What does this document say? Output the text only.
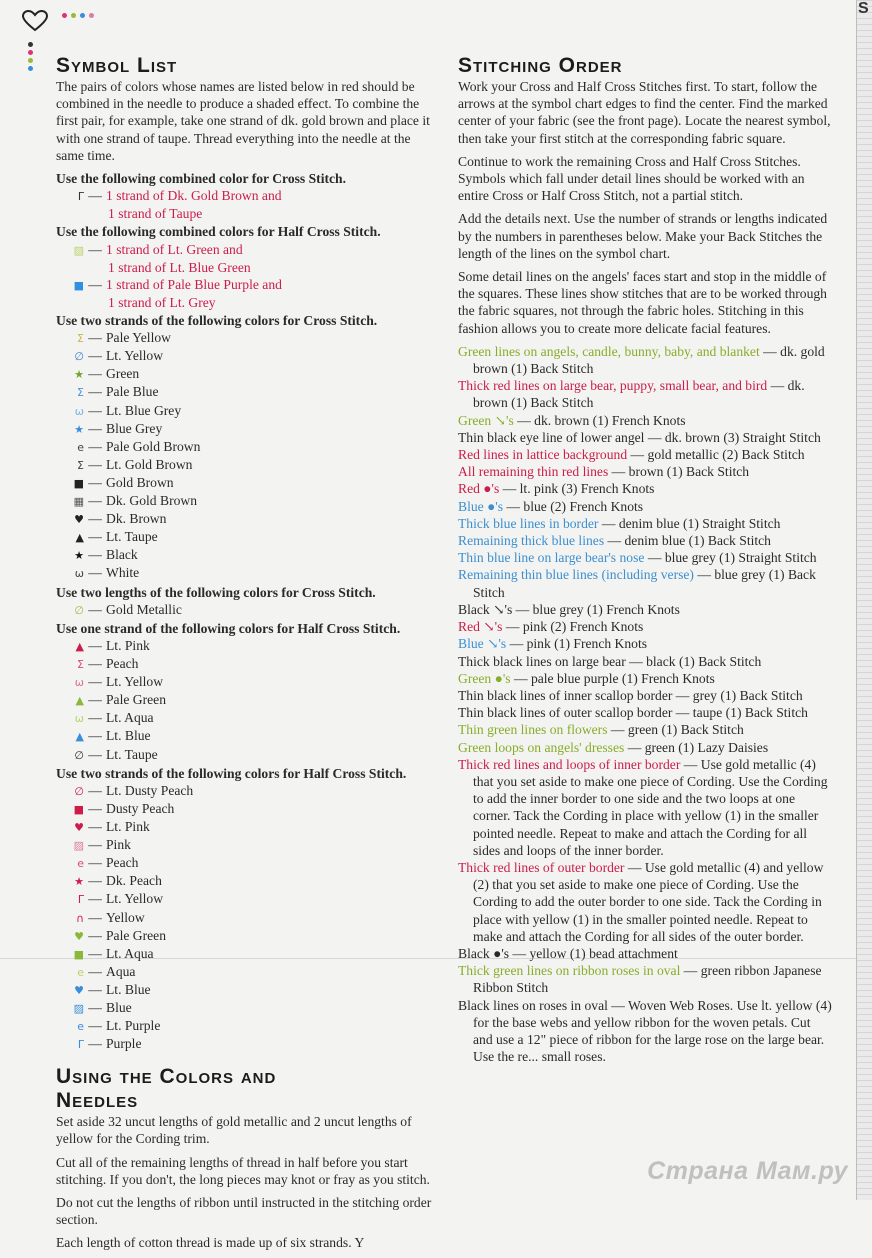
S
Symbol List

The pairs of colors whose names are listed below in red should be combined in the needle to produce a shaded effect. To combine the first pair, for example, take one strand of dk. gold brown and place it with one strand of taupe. Thread everything into the needle at the same time.

Use the following combined color for Cross Stitch.
Γ — 1 strand of Dk. Gold Brown and
1 strand of Taupe
Use the following combined colors for Half Cross Stitch.
▨ — 1 strand of Lt. Green and
1 strand of Lt. Blue Green
■ — 1 strand of Pale Blue Purple and
1 strand of Lt. Grey
Use two strands of the following colors for Cross Stitch.
Σ — Pale Yellow
∅ — Lt. Yellow
★ — Green
Σ — Pale Blue
ω — Lt. Blue Grey
★ — Blue Grey
e — Pale Gold Brown
Σ — Lt. Gold Brown
■ — Gold Brown
▦ — Dk. Gold Brown
♥ — Dk. Brown
▲ — Lt. Taupe
★ — Black
ω — White
Use two lengths of the following colors for Cross Stitch.
∅ — Gold Metallic
Use one strand of the following colors for Half Cross Stitch.
▲ — Lt. Pink
Σ — Peach
ω — Lt. Yellow
▲ — Pale Green
ω — Lt. Aqua
▲ — Lt. Blue
∅ — Lt. Taupe
Use two strands of the following colors for Half Cross Stitch.
∅ — Lt. Dusty Peach
■ — Dusty Peach
♥ — Lt. Pink
▨ — Pink
e — Peach
★ — Dk. Peach
Γ — Lt. Yellow
∩ — Yellow
♥ — Pale Green
■ — Lt. Aqua
e — Aqua
♥ — Lt. Blue
▨ — Blue
e — Lt. Purple
Γ — Purple
Using the Colors and
Needles

Set aside 32 uncut lengths of gold metallic and 2 uncut lengths of yellow for the Cording trim.

Cut all of the remaining lengths of thread in half before you start stitching. If you don't, the long pieces may knot or fray as you stitch.

Do not cut the lengths of ribbon until instructed in the stitching order section.

Each length of cotton thread is made up of six strands. Y

Stitching Order

Work your Cross and Half Cross Stitches first. To start, follow the arrows at the symbol chart edges to find the center. Find the marked center of your fabric (see the front page). Locate the nearest symbol, then take your first stitch at the corresponding fabric square.

Continue to work the remaining Cross and Half Cross Stitches. Symbols which fall under detail lines should be worked with an entire Cross or Half Cross Stitch, not a partial stitch.

Add the details next. Use the number of strands or lengths indicated by the numbers in parentheses below. Make your Back Stitches the length of the lines on the symbol chart.

Some detail lines on the angels' faces start and stop in the middle of the squares. These lines show stitches that are to be worked through the fabric squares, not through the fabric holes. Stitching in this fashion allows you to create more delicate facial features.

Green lines on angels, candle, bunny, baby, and blanket — dk. gold brown (1) Back Stitch
Thick red lines on large bear, puppy, small bear, and bird — dk. brown (1) Back Stitch
Green ↘'s — dk. brown (1) French Knots
Thin black eye line of lower angel — dk. brown (3) Straight Stitch
Red lines in lattice background — gold metallic (2) Back Stitch
All remaining thin red lines — brown (1) Back Stitch
Red ●'s — lt. pink (3) French Knots
Blue ●'s — blue (2) French Knots
Thick blue lines in border — denim blue (1) Straight Stitch
Remaining thick blue lines — denim blue (1) Back Stitch
Thin blue line on large bear's nose — blue grey (1) Straight Stitch
Remaining thin blue lines (including verse) — blue grey (1) Back Stitch
Black ↘'s — blue grey (1) French Knots
Red ↘'s — pink (2) French Knots
Blue ↘'s — pink (1) French Knots
Thick black lines on large bear — black (1) Back Stitch
Green ●'s — pale blue purple (1) French Knots
Thin black lines of inner scallop border — grey (1) Back Stitch
Thin black lines of outer scallop border — taupe (1) Back Stitch
Thin green lines on flowers — green (1) Back Stitch
Green loops on angels' dresses — green (1) Lazy Daisies
Thick red lines and loops of inner border — Use gold metallic (4) that you set aside to make one piece of Cording. Use the Cording to add the inner border to one side and the two loops at one corner. Tack the Cording in place with yellow (1) in the smaller pointed needle. Repeat to make and attach the Cording for all sides and loops of the inner border.
Thick red lines of outer border — Use gold metallic (4) and yellow (2) that you set aside to make one piece of Cording. Use the Cording to add the outer border to one side. Tack the Cording in place with yellow (1) in the smaller pointed needle. Repeat to make and attach the Cording for all sides of the outer border.
Black ●'s — yellow (1) bead attachment
Thick green lines on ribbon roses in oval — green ribbon Japanese Ribbon Stitch
Black lines on roses in oval — Woven Web Roses. Use lt. yellow (4) for the base webs and yellow ribbon for the woven petals. Cut and use a 12" piece of ribbon for the large rose on the large bear. Use the re... small roses.
Страна Мам.ру
